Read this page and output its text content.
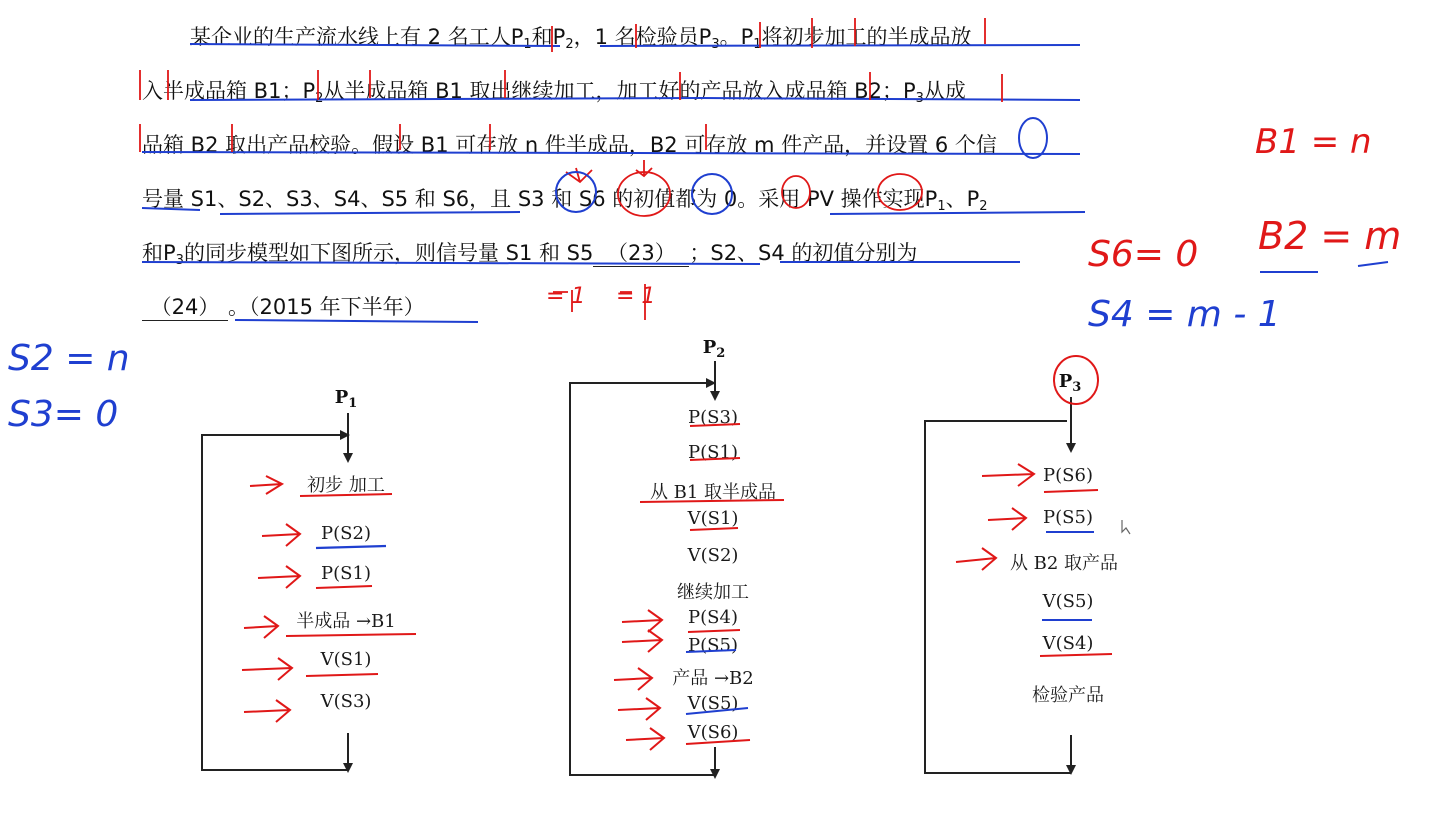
某企业的生产流水线上有 2 名工人$P_1$和$P_2$，1 名检验员$P_3$。$P_1$将初步加工的半成品放
入半成品箱 B1；$P_2$从半成品箱 B1 取出继续加工，加工好的产品放入成品箱 B2；$P_3$从成
品箱 B2 取出产品校验。假设 B1 可存放 n 件半成品，B2 可存放 m 件产品，并设置 6 个信
号量 S1、S2、S3、S4、S5 和 S6，且 S3 和 S6 的初值都为 0。采用 PV 操作实现$P_1$、$P_2$
和$P_3$的同步模型如下图所示，则信号量 S1 和 S5 （23） ；S2、S4 的初值分别为
（24） 。（2015 年下半年）
$P_1$
初步 加工
P(S2)
P(S1)
半成品 →B1
V(S1)
V(S3)
$P_2$
P(S3)
P(S1)
从 B1 取半成品
V(S1)
V(S2)
继续加工
P(S4)
P(S5)
产品 →B2
V(S5)
V(S6)
$P_3$
P(S6)
P(S5)
从 B2 取产品
V(S5)
V(S4)
检验产品
B1 = n
B2 = m
S6= 0
S4 = m - 1
S2 = n
S3= 0
= 1 = 1
